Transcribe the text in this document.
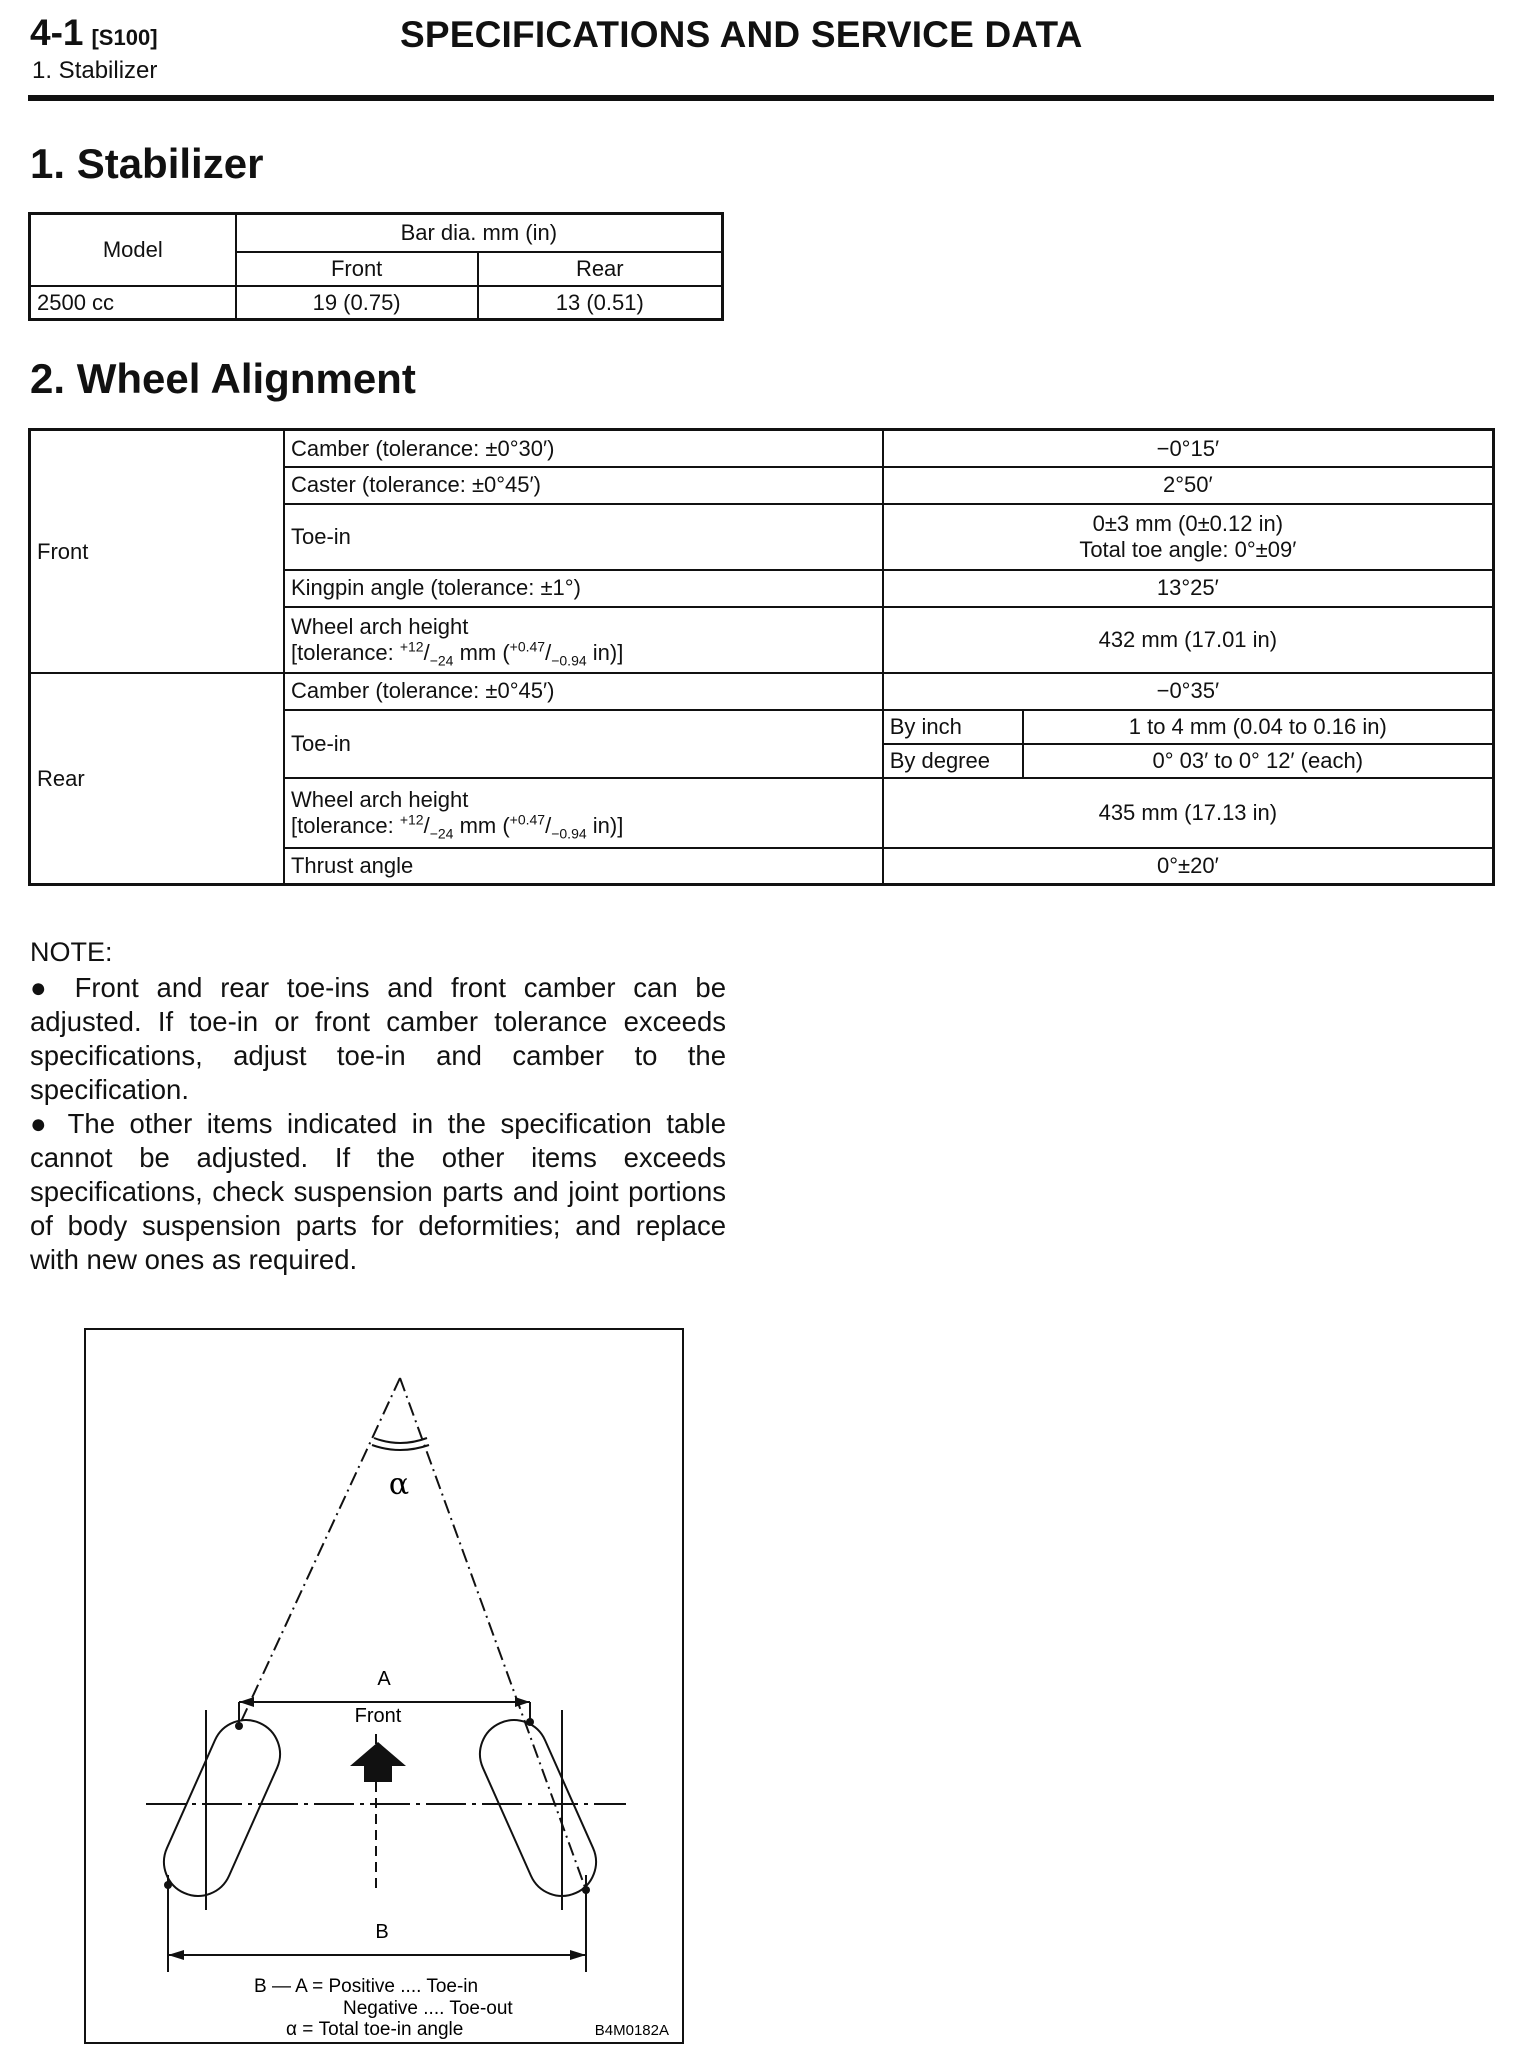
4-1 [S100]
1. Stabilizer
SPECIFICATIONS AND SERVICE DATA
1. Stabilizer
Model	Bar dia. mm (in)	
	Front	Rear
2500 cc	19 (0.75)	13 (0.51)
2. Wheel Alignment
Front	Camber (tolerance: ±0°30′)	−0°15′	
	Caster (tolerance: ±0°45′)	2°50′	
	Toe-in	0±3 mm (0±0.12 in)
Total toe angle: 0°±09′	

	Kingpin angle (tolerance: ±1°)	13°25′	

	Wheel arch height
[tolerance: $^{+12}/_{-24}$ mm ($^{+0.47}/_{-0.94}$ in)]	432 mm (17.01 in)	
Rear	Camber (tolerance: ±0°45′)	−0°35′	
	Toe-in	By inch	1 to 4 mm (0.04 to 0.16 in)
		By degree	0° 03′ to 0° 12′ (each)

	Wheel arch height
[tolerance: $^{+12}/_{-24}$ mm ($^{+0.47}/_{-0.94}$ in)]	435 mm (17.13 in)	
	Thrust angle	0°±20′	
NOTE:

● Front and rear toe-ins and front camber can be adjusted. If toe-in or front camber tolerance exceeds specifications, adjust toe-in and camber to the specification.

● The other items indicated in the specification table cannot be adjusted. If the other items exceeds specifications, check suspension parts and joint portions of body suspension parts for deformities; and replace with new ones as required.

α
A
Front
B
B — A = Positive .... Toe-in
Negative .... Toe-out
α = Total toe-in angle	B4M0182A
